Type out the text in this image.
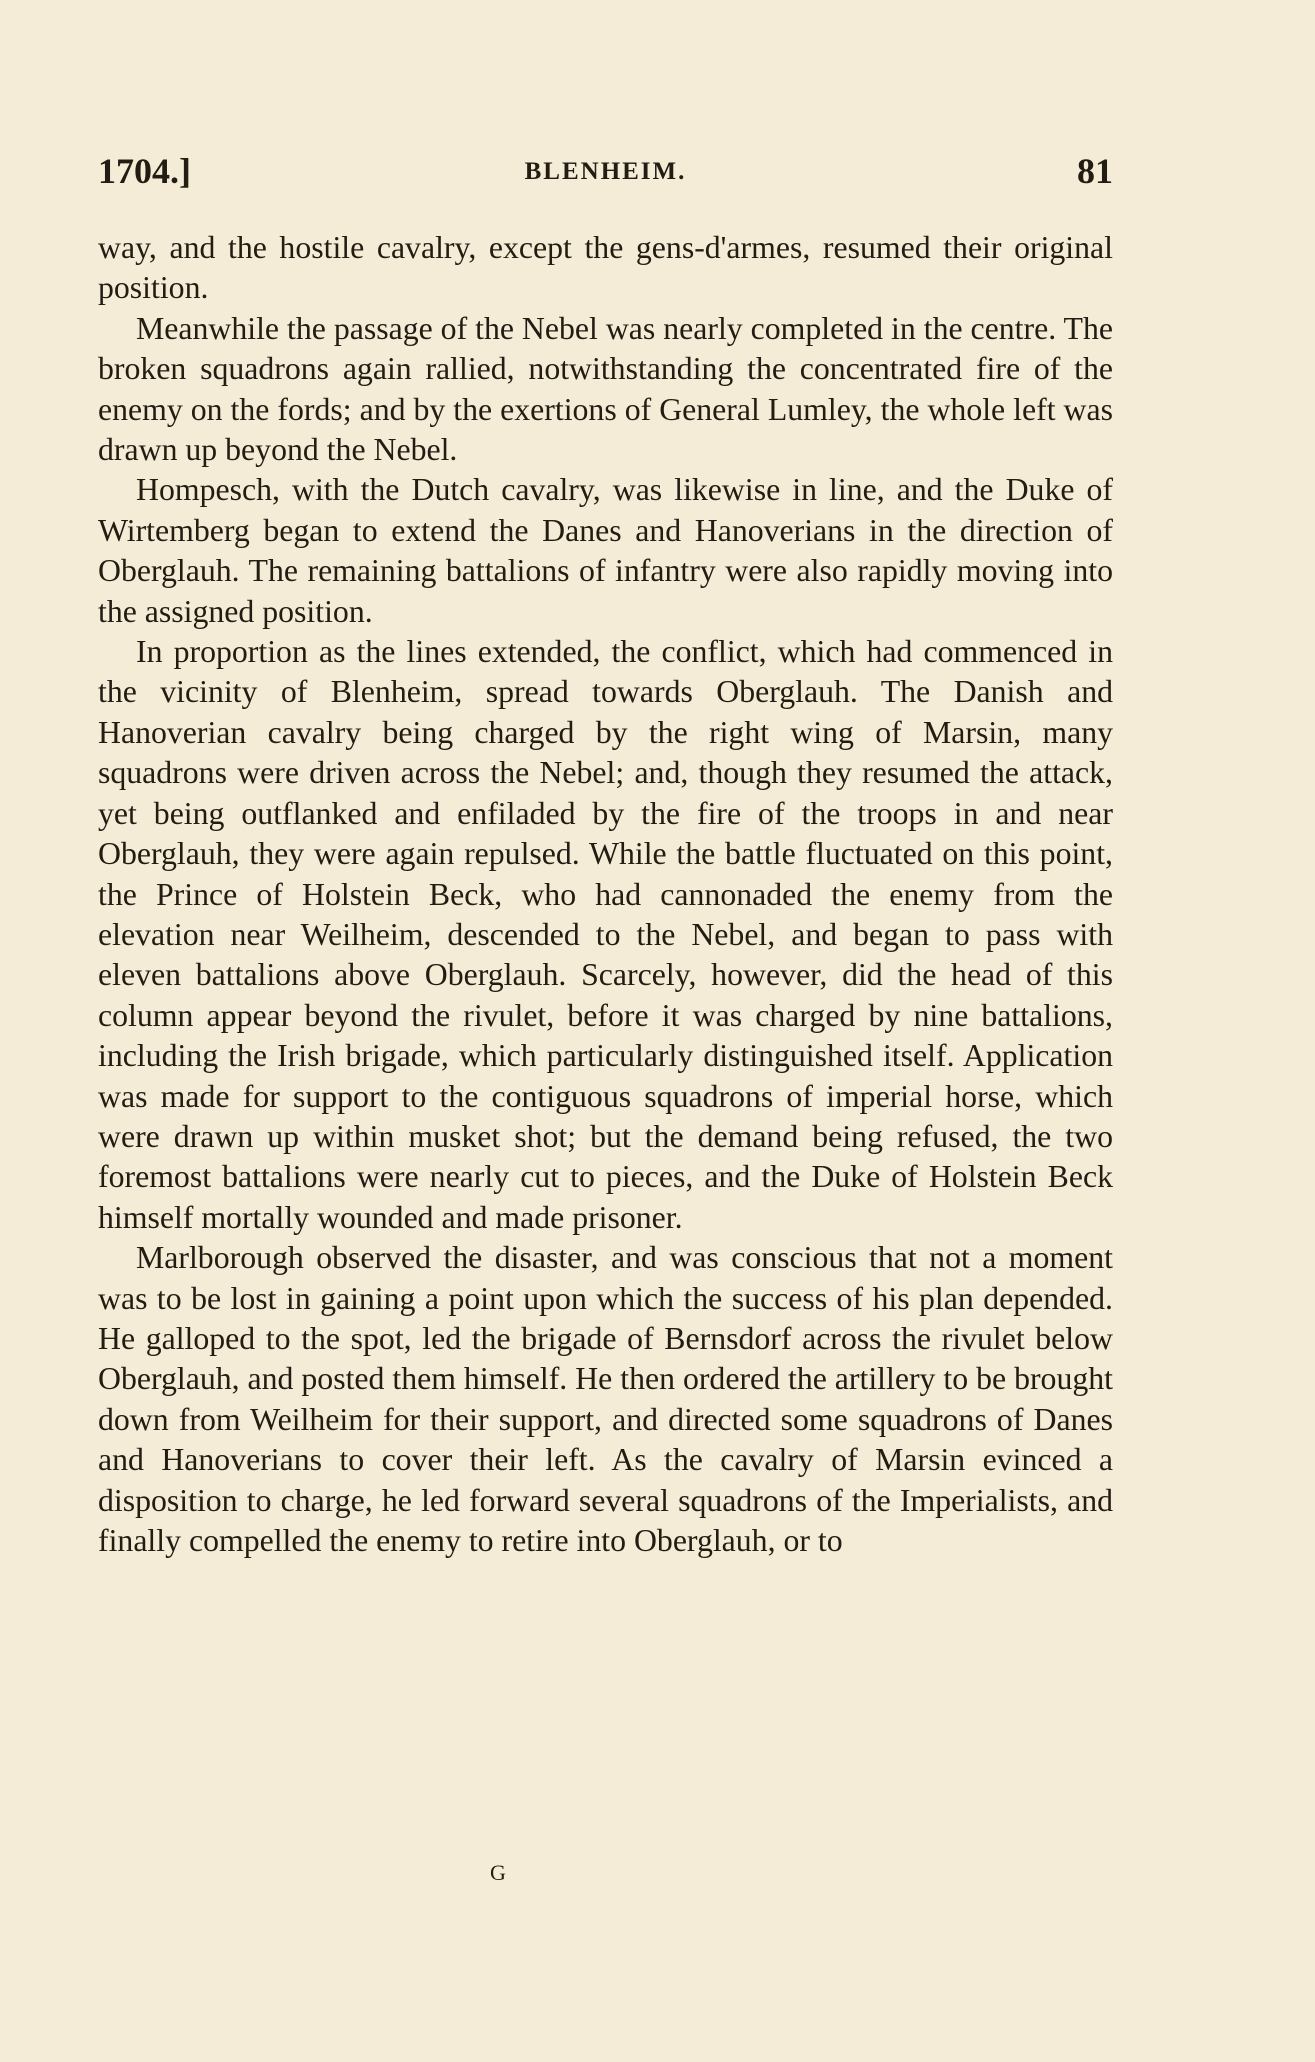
1704.]	BLENHEIM.	81

way, and the hostile cavalry, except the gens-d'armes, resumed their original position.

Meanwhile the passage of the Nebel was nearly completed in the centre. The broken squadrons again rallied, notwithstanding the concentrated fire of the enemy on the fords; and by the exertions of General Lumley, the whole left was drawn up beyond the Nebel.

Hompesch, with the Dutch cavalry, was likewise in line, and the Duke of Wirtemberg began to extend the Danes and Hanoverians in the direction of Oberglauh. The remaining battalions of infantry were also rapidly moving into the assigned position.

In proportion as the lines extended, the conflict, which had commenced in the vicinity of Blenheim, spread towards Oberglauh. The Danish and Hanoverian cavalry being charged by the right wing of Marsin, many squadrons were driven across the Nebel; and, though they resumed the attack, yet being outflanked and enfiladed by the fire of the troops in and near Oberglauh, they were again repulsed. While the battle fluctuated on this point, the Prince of Holstein Beck, who had cannonaded the enemy from the elevation near Weilheim, descended to the Nebel, and began to pass with eleven battalions above Oberglauh. Scarcely, however, did the head of this column appear beyond the rivulet, before it was charged by nine battalions, including the Irish brigade, which particularly distinguished itself. Application was made for support to the contiguous squadrons of imperial horse, which were drawn up within musket shot; but the demand being refused, the two foremost battalions were nearly cut to pieces, and the Duke of Holstein Beck himself mortally wounded and made prisoner.

Marlborough observed the disaster, and was conscious that not a moment was to be lost in gaining a point upon which the success of his plan depended. He galloped to the spot, led the brigade of Bernsdorf across the rivulet below Oberglauh, and posted them himself. He then ordered the artillery to be brought down from Weilheim for their support, and directed some squadrons of Danes and Hanoverians to cover their left. As the cavalry of Marsin evinced a disposition to charge, he led forward several squadrons of the Imperialists, and finally compelled the enemy to retire into Oberglauh, or to

G
